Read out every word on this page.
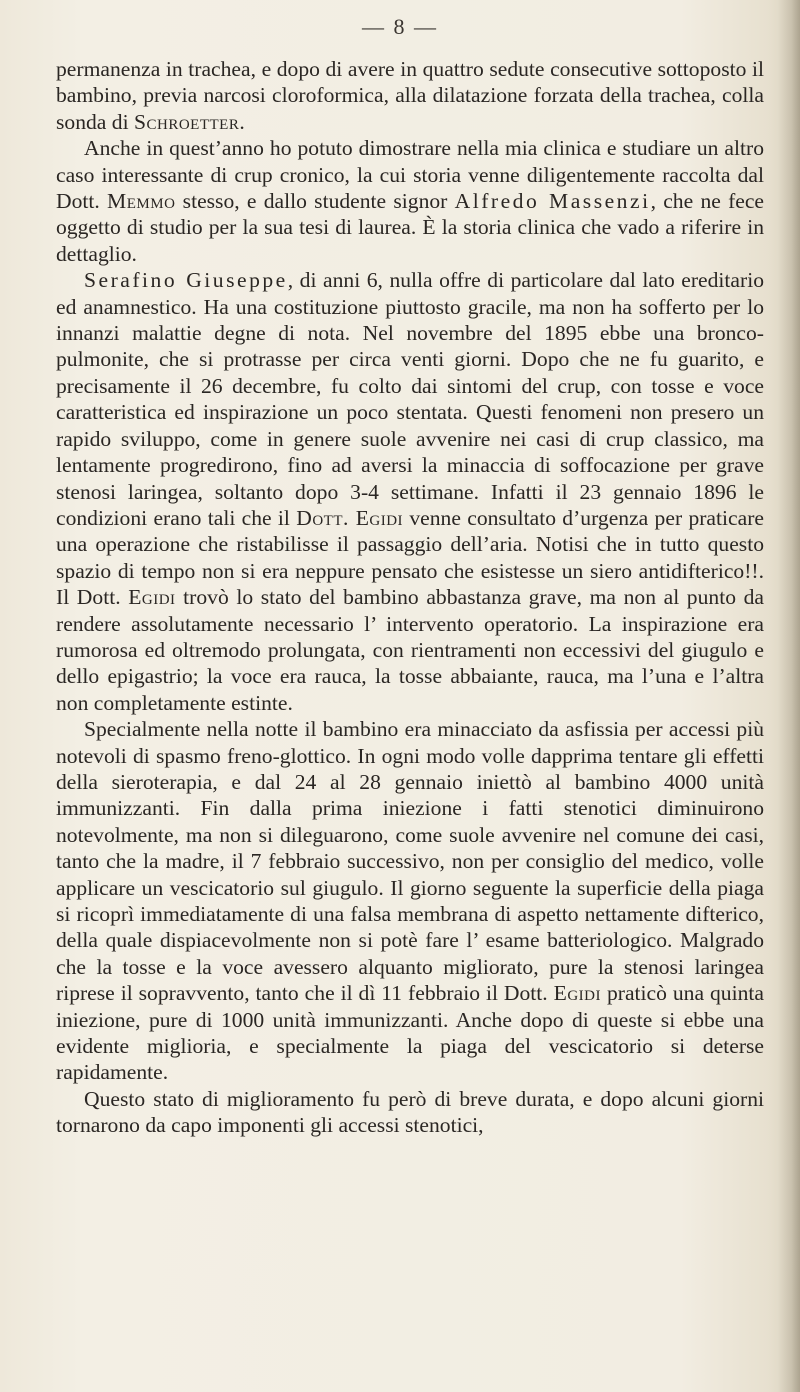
— 8 —

permanenza in trachea, e dopo di avere in quattro sedute consecutive sottoposto il bambino, previa narcosi cloroformica, alla dilatazione forzata della trachea, colla sonda di Schroetter.

Anche in quest’anno ho potuto dimostrare nella mia clinica e studiare un altro caso interessante di crup cronico, la cui storia venne diligentemente raccolta dal Dott. Memmo stesso, e dallo studente signor Alfredo Massenzi, che ne fece oggetto di studio per la sua tesi di laurea. È la storia clinica che vado a riferire in dettaglio.

Serafino Giuseppe, di anni 6, nulla offre di particolare dal lato ereditario ed anamnestico. Ha una costituzione piuttosto gracile, ma non ha sofferto per lo innanzi malattie degne di nota. Nel novembre del 1895 ebbe una bronco-pulmonite, che si protrasse per circa venti giorni. Dopo che ne fu guarito, e precisamente il 26 decembre, fu colto dai sintomi del crup, con tosse e voce caratteristica ed inspirazione un poco stentata. Questi fenomeni non presero un rapido sviluppo, come in genere suole avvenire nei casi di crup classico, ma lentamente progredirono, fino ad aversi la minaccia di soffocazione per grave stenosi laringea, soltanto dopo 3-4 settimane. Infatti il 23 gennaio 1896 le condizioni erano tali che il Dott. Egidi venne consultato d’urgenza per praticare una operazione che ristabilisse il passaggio dell’aria. Notisi che in tutto questo spazio di tempo non si era neppure pensato che esistesse un siero antidifterico!!. Il Dott. Egidi trovò lo stato del bambino abbastanza grave, ma non al punto da rendere assolutamente necessario l’ intervento operatorio. La inspirazione era rumorosa ed oltremodo prolungata, con rientramenti non eccessivi del giugulo e dello epigastrio; la voce era rauca, la tosse abbaiante, rauca, ma l’una e l’altra non completamente estinte.

Specialmente nella notte il bambino era minacciato da asfissia per accessi più notevoli di spasmo freno-glottico. In ogni modo volle dapprima tentare gli effetti della sieroterapia, e dal 24 al 28 gennaio iniettò al bambino 4000 unità immunizzanti. Fin dalla prima iniezione i fatti stenotici diminuirono notevolmente, ma non si dileguarono, come suole avvenire nel comune dei casi, tanto che la madre, il 7 febbraio successivo, non per consiglio del medico, volle applicare un vescicatorio sul giugulo. Il giorno seguente la superficie della piaga si ricoprì immediatamente di una falsa membrana di aspetto nettamente difterico, della quale dispiacevolmente non si potè fare l’ esame batteriologico. Malgrado che la tosse e la voce avessero alquanto migliorato, pure la stenosi laringea riprese il sopravvento, tanto che il dì 11 febbraio il Dott. Egidi praticò una quinta iniezione, pure di 1000 unità immunizzanti. Anche dopo di queste si ebbe una evidente miglioria, e specialmente la piaga del vescicatorio si deterse rapidamente.

Questo stato di miglioramento fu però di breve durata, e dopo alcuni giorni tornarono da capo imponenti gli accessi stenotici,
